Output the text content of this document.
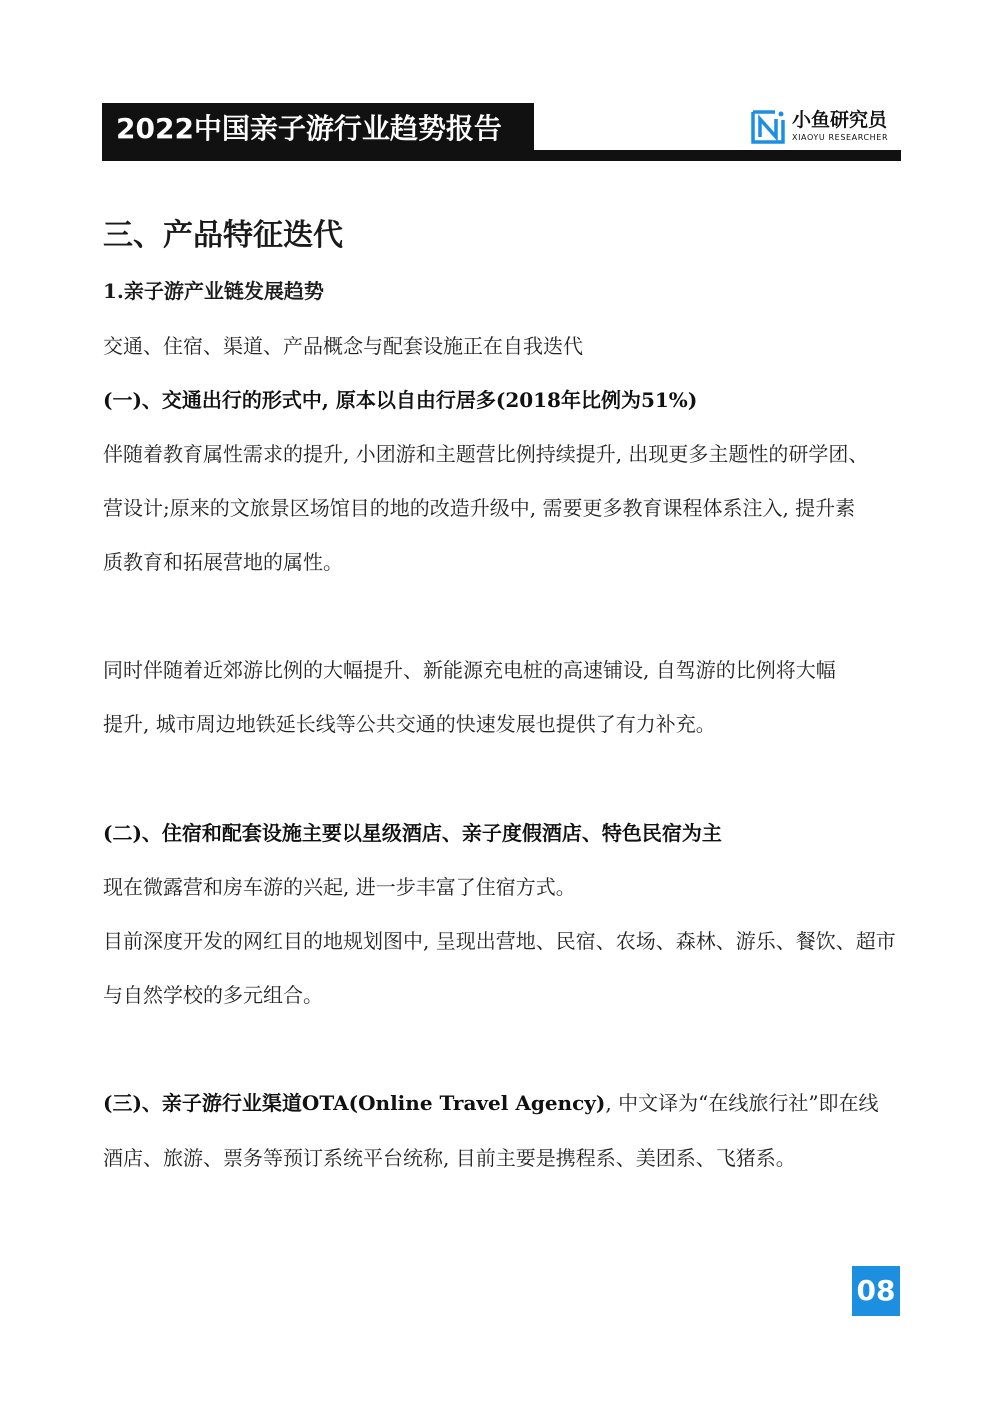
2022中国亲子游行业趋势报告	小鱼研究员
XIAOYU RESEARCHER
三、产品特征迭代
1.亲子游产业链发展趋势
交通、住宿、渠道、产品概念与配套设施正在自我迭代
(一)、交通出行的形式中, 原本以自由行居多(2018年比例为51%)
伴随着教育属性需求的提升, 小团游和主题营比例持续提升, 出现更多主题性的研学团、
营设计;原来的文旅景区场馆目的地的改造升级中, 需要更多教育课程体系注入, 提升素
质教育和拓展营地的属性。
同时伴随着近郊游比例的大幅提升、新能源充电桩的高速铺设, 自驾游的比例将大幅
提升, 城市周边地铁延长线等公共交通的快速发展也提供了有力补充。
(二)、住宿和配套设施主要以星级酒店、亲子度假酒店、特色民宿为主
现在微露营和房车游的兴起, 进一步丰富了住宿方式。
目前深度开发的网红目的地规划图中, 呈现出营地、民宿、农场、森林、游乐、餐饮、超市
与自然学校的多元组合。
(三)、亲子游行业渠道OTA(Online Travel Agency), 中文译为“在线旅行社”即在线
酒店、旅游、票务等预订系统平台统称, 目前主要是携程系、美团系、飞猪系。
08
